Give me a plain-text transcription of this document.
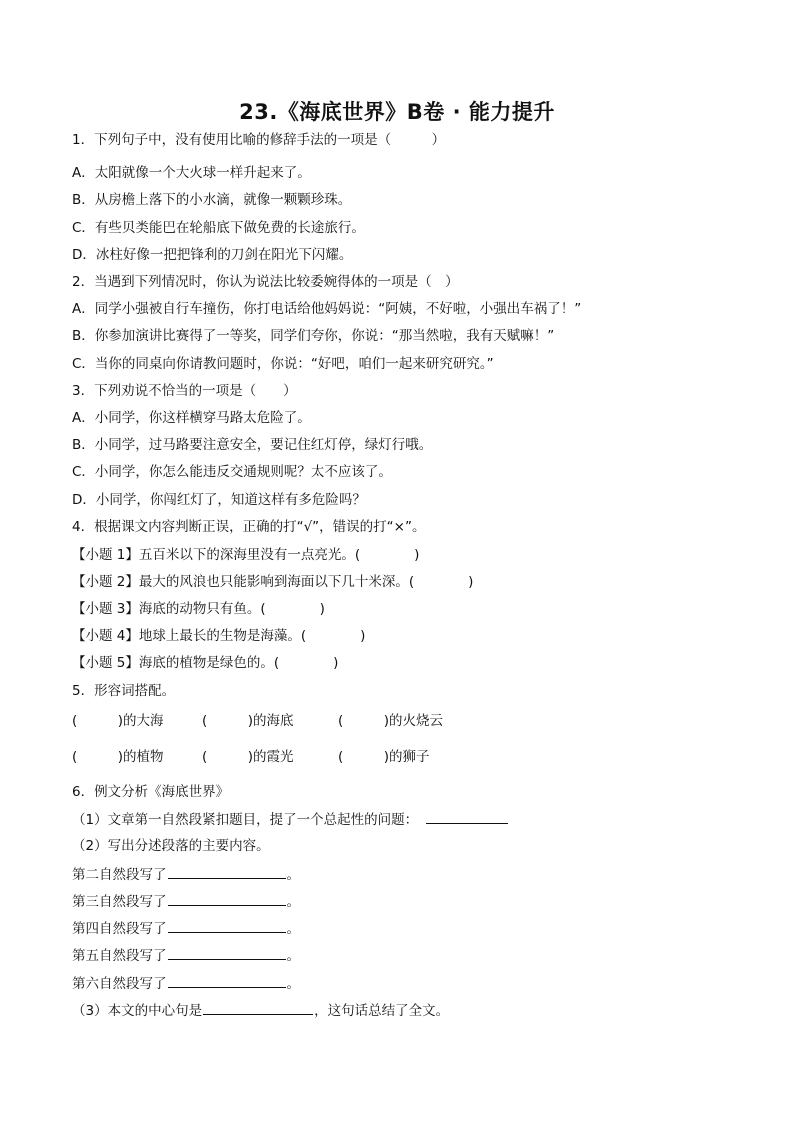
23.《海底世界》B卷 · 能力提升
1．下列句子中，没有使用比喻的修辞手法的一项是（　　　）
A．太阳就像一个大火球一样升起来了。
B．从房檐上落下的小水滴，就像一颗颗珍珠。
C．有些贝类能巴在轮船底下做免费的长途旅行。
D．冰柱好像一把把锋利的刀剑在阳光下闪耀。
2．当遇到下列情况时，你认为说法比较委婉得体的一项是（　）
A．同学小强被自行车撞伤，你打电话给他妈妈说：“阿姨，不好啦，小强出车祸了！”
B．你参加演讲比赛得了一等奖，同学们夸你，你说：“那当然啦，我有天赋嘛！”
C．当你的同桌向你请教问题时，你说：“好吧，咱们一起来研究研究。”
3．下列劝说不恰当的一项是（　　）
A．小同学，你这样横穿马路太危险了。
B．小同学，过马路要注意安全，要记住红灯停，绿灯行哦。
C．小同学，你怎么能违反交通规则呢？太不应该了。
D．小同学，你闯红灯了，知道这样有多危险吗？
4．根据课文内容判断正误，正确的打“√”，错误的打“×”。
【小题 1】五百米以下的深海里没有一点亮光。(　　　　)
【小题 2】最大的风浪也只能影响到海面以下几十米深。(　　　　)
【小题 3】海底的动物只有鱼。(　　　　)
【小题 4】地球上最长的生物是海藻。(　　　　)
【小题 5】海底的植物是绿色的。(　　　　)
5．形容词搭配。
(　　　)的大海	(　　　)的海底	(　　　)的火烧云
(　　　)的植物	(　　　)的霞光	(　　　)的狮子
6．例文分析《海底世界》
（1）文章第一自然段紧扣题目，提了一个总起性的问题：
（2）写出分述段落的主要内容。
第二自然段写了	。
第三自然段写了	。
第四自然段写了	。
第五自然段写了	。
第六自然段写了	。
（3）本文的中心句是	，这句话总结了全文。
